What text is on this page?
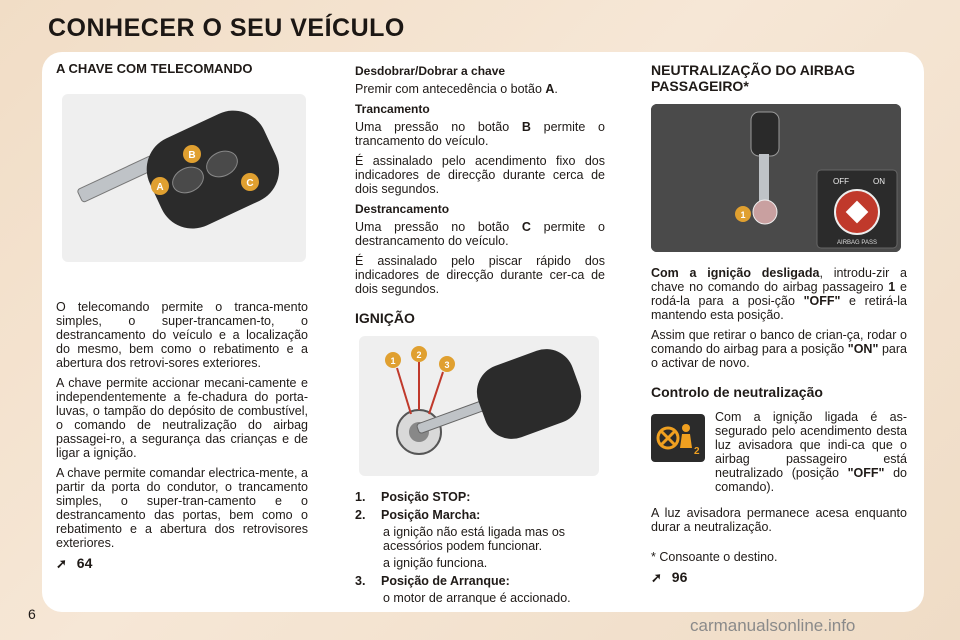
CONHECER O SEU VEÍCULO
A CHAVE COM TELECOMANDO
B
A	C

O telecomando permite o tranca-mento simples, o super-trancamen-to, o destrancamento do veículo e a localização do mesmo, bem como o rebatimento e a abertura dos retrovi-sores exteriores.

A chave permite accionar mecani-camente e independentemente a fe-chadura do porta-luvas, o tampão do depósito de combustível, o comando de neutralização do airbag passagei-ro, a segurança das crianças e de ligar a ignição.

A chave permite comandar electrica-mente, a partir da porta do condutor, o trancamento simples, o super-tran-camento e o destrancamento das portas, bem como o rebatimento e a abertura dos retrovisores exteriores.

➚ 64
Desdobrar/Dobrar a chave

Premir com antecedência o botão A.

Trancamento

Uma pressão no botão B permite o trancamento do veículo.

É assinalado pelo acendimento fixo dos indicadores de direcção durante cerca de dois segundos.

Destrancamento

Uma pressão no botão C permite o destrancamento do veículo.

É assinalado pelo piscar rápido dos indicadores de direcção durante cer-ca de dois segundos.

IGNIÇÃO
1
2
3
1. Posição STOP:
2. Posição Marcha:
a ignição não está ligada mas os acessórios podem funcionar.
a ignição funciona.
3. Posição de Arranque:
o motor de arranque é accionado.
NEUTRALIZAÇÃO DO AIRBAG PASSAGEIRO*
1
OFF	ON
AIRBAG PASS

Com a ignição desligada, introdu-zir a chave no comando do airbag passageiro 1 e rodá-la para a posi-ção "OFF" e retirá-la mantendo esta posição.

Assim que retirar o banco de crian-ça, rodar o comando do airbag para a posição "ON" para o activar de novo.

Controlo de neutralização
2

Com a ignição ligada é as-segurado pelo acendimento desta luz avisadora que indi-ca que o airbag passageiro está neutralizado (posição "OFF" do comando).

A luz avisadora permanece acesa enquanto durar a neutralização.

* Consoante o destino.

➚ 96
6
carmanualsonline.info
